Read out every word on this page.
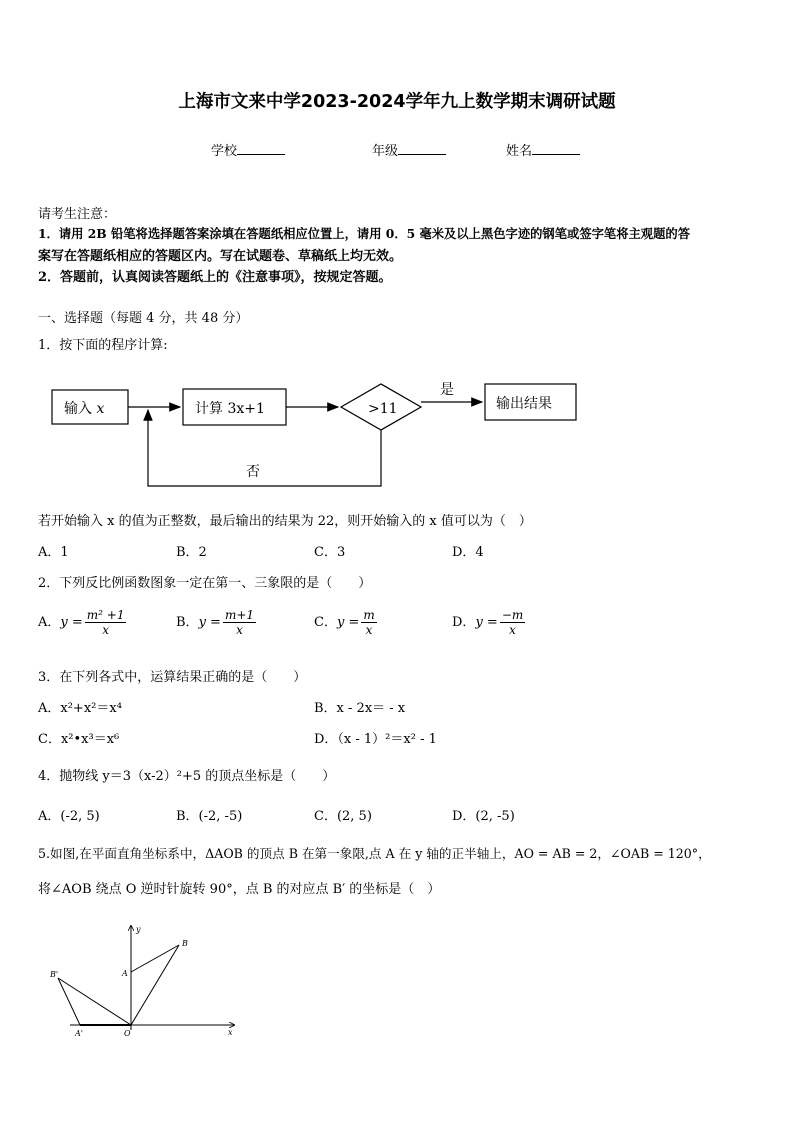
上海市文来中学2023-2024学年九上数学期末调研试题
学校	年级	姓名
请考生注意：
1．请用 2B 铅笔将选择题答案涂填在答题纸相应位置上，请用 0．5 毫米及以上黑色字迹的钢笔或签字笔将主观题的答
案写在答题纸相应的答题区内。写在试题卷、草稿纸上均无效。
2．答题前，认真阅读答题纸上的《注意事项》，按规定答题。
一、选择题（每题 4 分，共 48 分）
1．按下面的程序计算:
输入 x	计算 3x+1	>11
是
输出结果
否
若开始输入 x 的值为正整数，最后输出的结果为 22，则开始输入的 x 值可以为（　）
A．1	B．2	C．3	D．4
2．下列反比例函数图象一定在第一、三象限的是（　　）
A．$y = \frac{\text{m² +1}}{x}$	B．$y = \frac{m+1}{x}$	C．$y = \frac{m}{x}$	D．$y = \frac{-m}{x}$
3．在下列各式中，运算结果正确的是（　　）
A．x²+x²＝x⁴	B．x - 2x＝ - x
C．x²•x³＝x⁶	D．（x - 1）²＝x² - 1
4．抛物线 y＝3（x-2）²+5 的顶点坐标是（　　）
A．(-2, 5)	B．(-2, -5)	C．(2, 5)	D．(2, -5)
5.如图,在平面直角坐标系中，ΔAOB 的顶点 B 在第一象限,点 A 在 y 轴的正半轴上，AO = AB = 2，∠OAB = 120°，
将∠AOB 绕点 O 逆时针旋转 90°，点 B 的对应点 B′ 的坐标是（　）
y
x
A
B
O
B'
A'
